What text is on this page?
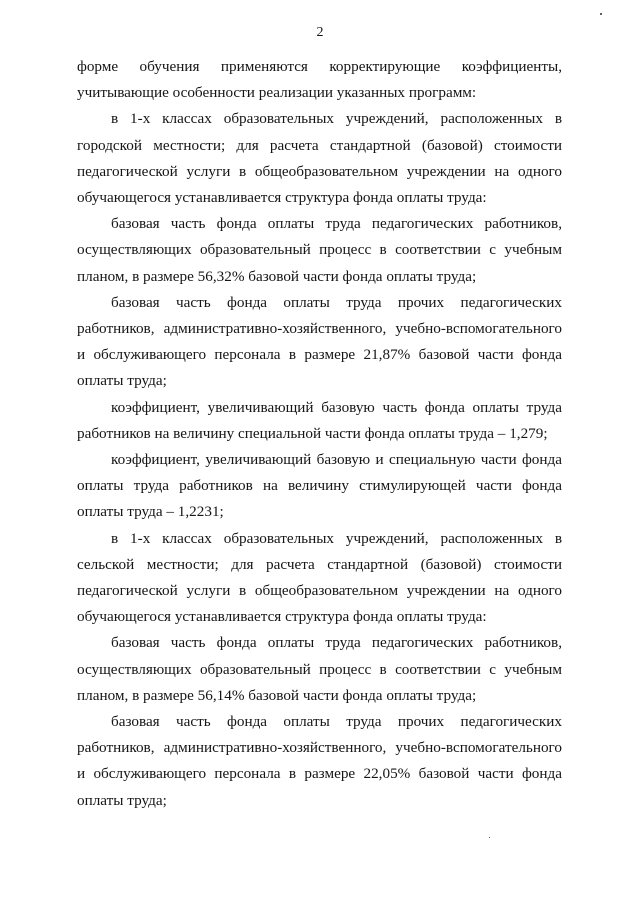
2

форме обучения применяются корректирующие коэффициенты, учитывающие особенности реализации указанных программ:

в 1-х классах образовательных учреждений, расположенных в городской местности; для расчета стандартной (базовой) стоимости педагогической услуги в общеобразовательном учреждении на одного обучающегося устанавливается структура фонда оплаты труда:

базовая часть фонда оплаты труда педагогических работников, осуществляющих образовательный процесс в соответствии с учебным планом, в размере 56,32% базовой части фонда оплаты труда;

базовая часть фонда оплаты труда прочих педагогических работников, административно-хозяйственного, учебно-вспомогательного и обслуживающего персонала в размере 21,87% базовой части фонда оплаты труда;

коэффициент, увеличивающий базовую часть фонда оплаты труда работников на величину специальной части фонда оплаты труда – 1,279;

коэффициент, увеличивающий базовую и специальную части фонда оплаты труда работников на величину стимулирующей части фонда оплаты труда – 1,2231;

в 1-х классах образовательных учреждений, расположенных в сельской местности; для расчета стандартной (базовой) стоимости педагогической услуги в общеобразовательном учреждении на одного обучающегося устанавливается структура фонда оплаты труда:

базовая часть фонда оплаты труда педагогических работников, осуществляющих образовательный процесс в соответствии с учебным планом, в размере 56,14% базовой части фонда оплаты труда;

базовая часть фонда оплаты труда прочих педагогических работников, административно-хозяйственного, учебно-вспомогательного и обслуживающего персонала в размере 22,05% базовой части фонда оплаты труда;
